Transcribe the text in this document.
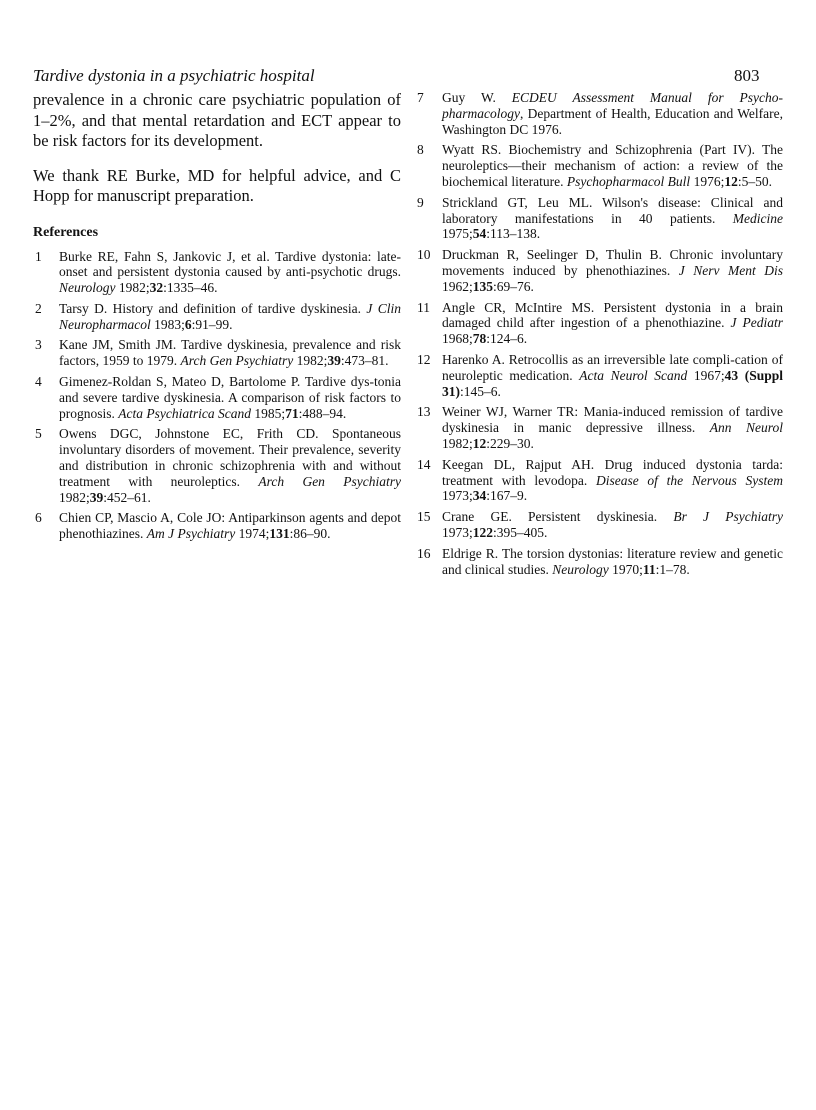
Tardive dystonia in a psychiatric hospital	803

prevalence in a chronic care psychiatric population of 1–2%, and that mental retardation and ECT appear to be risk factors for its development.

We thank RE Burke, MD for helpful advice, and C Hopp for manuscript preparation.

References
1	Burke RE, Fahn S, Jankovic J, et al. Tardive dystonia: late-onset and persistent dystonia caused by anti-psychotic drugs. Neurology 1982;32:1335–46.
2	Tarsy D. History and definition of tardive dyskinesia. J Clin Neuropharmacol 1983;6:91–99.
3	Kane JM, Smith JM. Tardive dyskinesia, prevalence and risk factors, 1959 to 1979. Arch Gen Psychiatry 1982;39:473–81.
4	Gimenez-Roldan S, Mateo D, Bartolome P. Tardive dys-tonia and severe tardive dyskinesia. A comparison of risk factors to prognosis. Acta Psychiatrica Scand 1985;71:488–94.
5	Owens DGC, Johnstone EC, Frith CD. Spontaneous involuntary disorders of movement. Their prevalence, severity and distribution in chronic schizophrenia with and without treatment with neuroleptics. Arch Gen Psychiatry 1982;39:452–61.
6	Chien CP, Mascio A, Cole JO: Antiparkinson agents and depot phenothiazines. Am J Psychiatry 1974;131:86–90.
7	Guy W. ECDEU Assessment Manual for Psycho-pharmacology, Department of Health, Education and Welfare, Washington DC 1976.
8	Wyatt RS. Biochemistry and Schizophrenia (Part IV). The neuroleptics—their mechanism of action: a review of the biochemical literature. Psychopharmacol Bull 1976;12:5–50.
9	Strickland GT, Leu ML. Wilson's disease: Clinical and laboratory manifestations in 40 patients. Medicine 1975;54:113–138.
10 Druckman R, Seelinger D, Thulin B. Chronic involuntary movements induced by phenothiazines. J Nerv Ment Dis 1962;135:69–76.
11 Angle CR, McIntire MS. Persistent dystonia in a brain damaged child after ingestion of a phenothiazine. J Pediatr 1968;78:124–6.
12 Harenko A. Retrocollis as an irreversible late compli-cation of neuroleptic medication. Acta Neurol Scand 1967;43 (Suppl 31):145–6.
13 Weiner WJ, Warner TR: Mania-induced remission of tardive dyskinesia in manic depressive illness. Ann Neurol 1982;12:229–30.
14 Keegan DL, Rajput AH. Drug induced dystonia tarda: treatment with levodopa. Disease of the Nervous System 1973;34:167–9.
15 Crane GE. Persistent dyskinesia. Br J Psychiatry 1973;122:395–405.
16 Eldrige R. The torsion dystonias: literature review and genetic and clinical studies. Neurology 1970;11:1–78.
